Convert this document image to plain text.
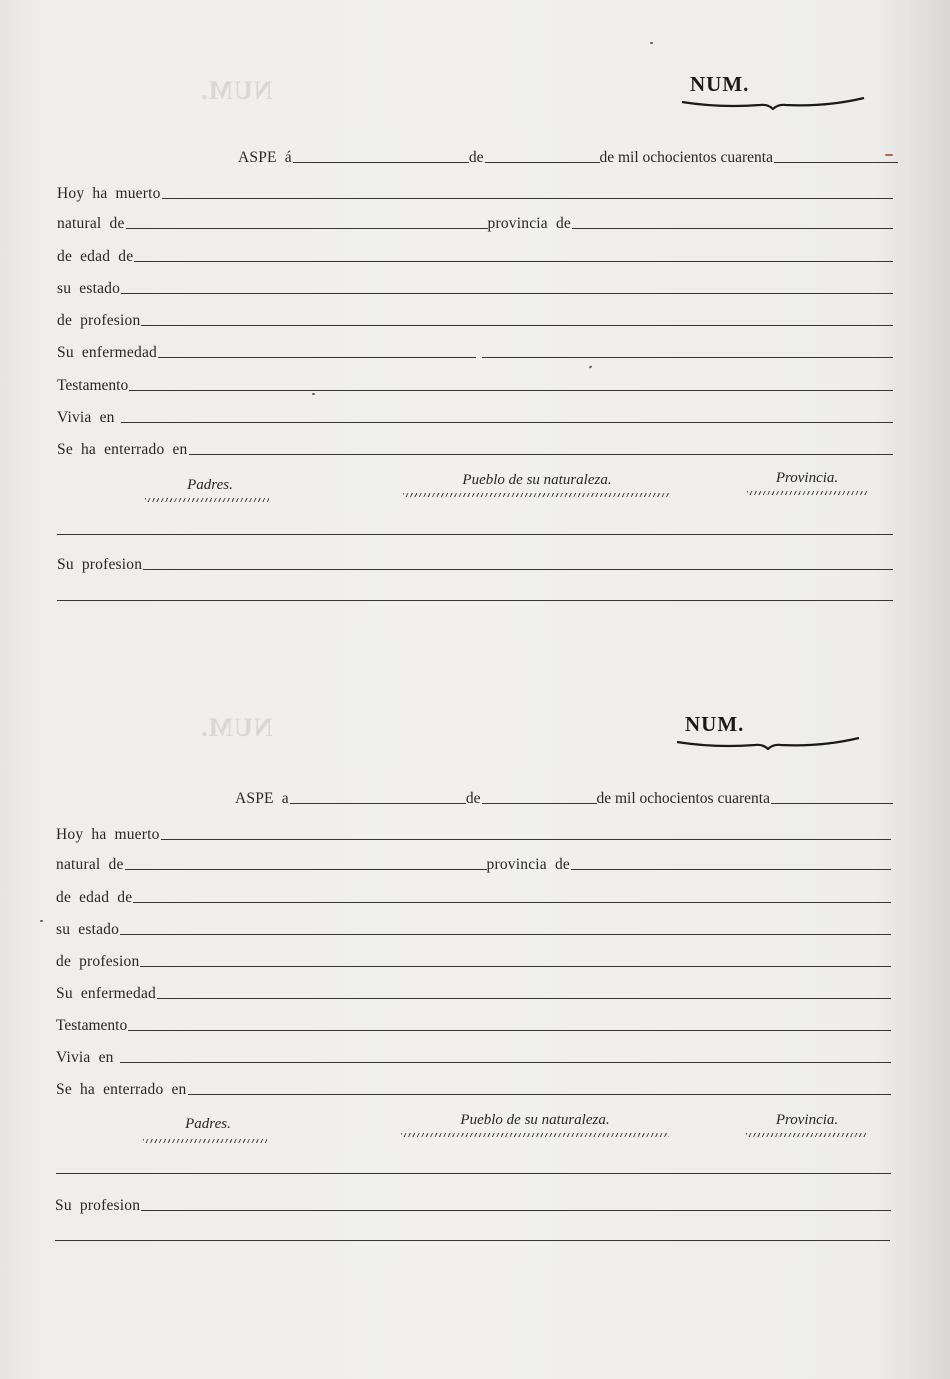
NUM.
NUM.
NUM.
ASPE á	de	de mil ochocientos cuarenta
Hoy ha muerto
natural de	provincia de
de edad de
su estado
de profesion
Su enfermedad
Testamento
Vivia en
Se ha enterrado en
Padres.	Pueblo de su naturaleza.	Provincia.
Su profesion
NUM.
ASPE a	de	de mil ochocientos cuarenta
Hoy ha muerto
natural de	provincia de
de edad de
su estado
de profesion
Su enfermedad
Testamento
Vivia en
Se ha enterrado en
Padres.	Pueblo de su naturaleza.	Provincia.
Su profesion
